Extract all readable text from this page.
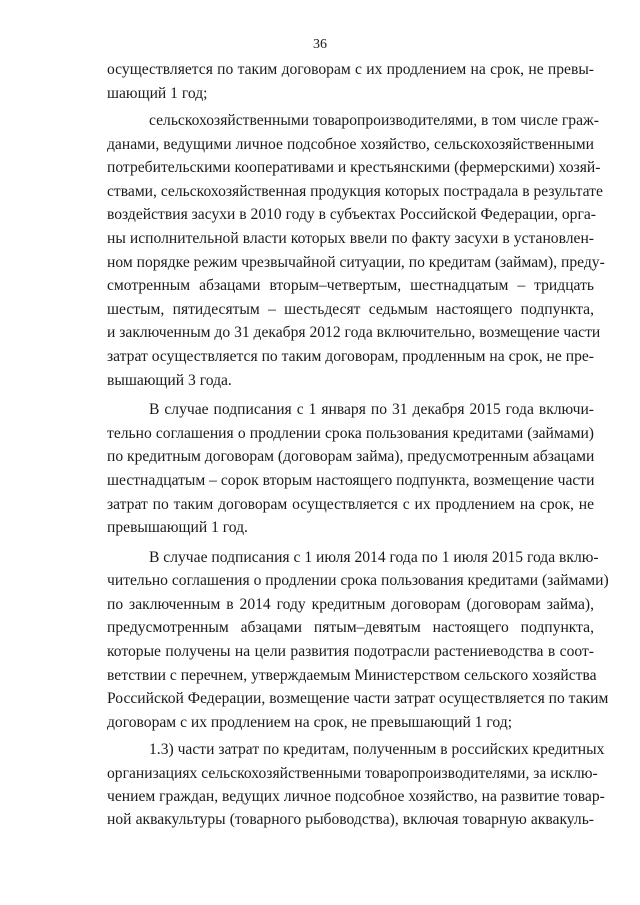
36

осуществляется по таким договорам с их продлением на срок, не превы-
шающий 1 год;

сельскохозяйственными товаропроизводителями, в том числе граж-
данами, ведущими личное подсобное хозяйство, сельскохозяйственными
потребительскими кооперативами и крестьянскими (фермерскими) хозяй-
ствами, сельскохозяйственная продукция которых пострадала в результате
воздействия засухи в 2010 году в субъектах Российской Федерации, орга-
ны исполнительной власти которых ввели по факту засухи в установлен-
ном порядке режим чрезвычайной ситуации, по кредитам (займам), преду-
смотренным абзацами вторым–четвертым, шестнадцатым – тридцать
шестым, пятидесятым – шестьдесят седьмым настоящего подпункта,
и заключенным до 31 декабря 2012 года включительно, возмещение части
затрат осуществляется по таким договорам, продленным на срок, не пре-
вышающий 3 года.

В случае подписания с 1 января по 31 декабря 2015 года включи-
тельно соглашения о продлении срока пользования кредитами (займами)
по кредитным договорам (договорам займа), предусмотренным абзацами
шестнадцатым – сорок вторым настоящего подпункта, возмещение части
затрат по таким договорам осуществляется с их продлением на срок, не
превышающий 1 год.

В случае подписания с 1 июля 2014 года по 1 июля 2015 года вклю-
чительно соглашения о продлении срока пользования кредитами (займами)
по заключенным в 2014 году кредитным договорам (договорам займа),
предусмотренным абзацами пятым–девятым настоящего подпункта,
которые получены на цели развития подотрасли растениеводства в соот-
ветствии с перечнем, утверждаемым Министерством сельского хозяйства
Российской Федерации, возмещение части затрат осуществляется по таким
договорам с их продлением на срок, не превышающий 1 год;

1.3) части затрат по кредитам, полученным в российских кредитных
организациях сельскохозяйственными товаропроизводителями, за исклю-
чением граждан, ведущих личное подсобное хозяйство, на развитие товар-
ной аквакультуры (товарного рыбоводства), включая товарную аквакуль-
